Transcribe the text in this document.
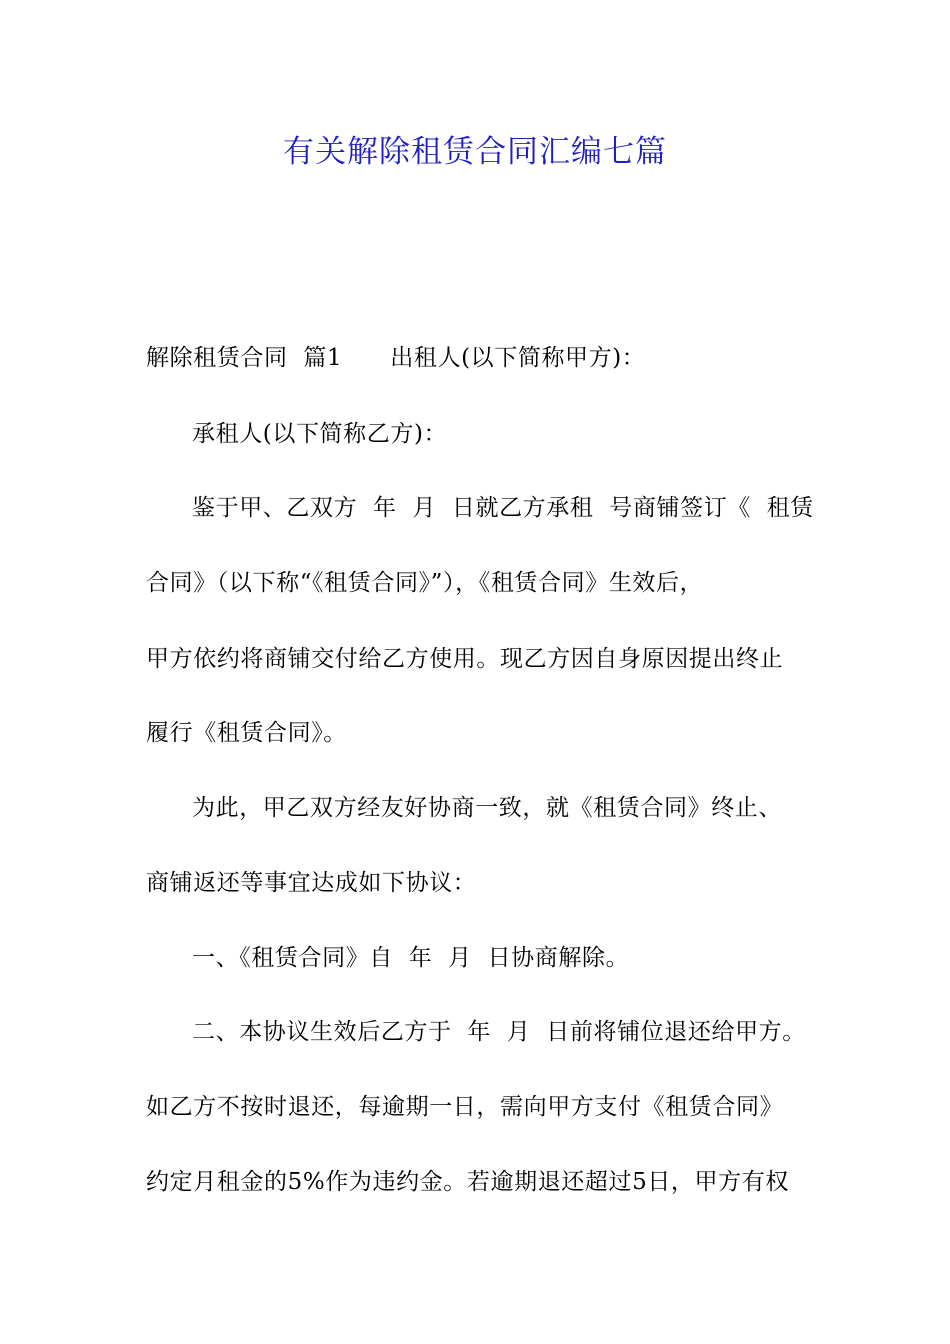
有关解除租赁合同汇编七篇
解除租赁合同  篇1 出租人(以下简称甲方)：
承租人(以下简称乙方)：
鉴于甲、乙双方  年  月  日就乙方承租  号商铺签订《  租赁
合同》（以下称“《租赁合同》”），《租赁合同》生效后，
甲方依约将商铺交付给乙方使用。现乙方因自身原因提出终止
履行《租赁合同》。
为此，甲乙双方经友好协商一致，就《租赁合同》终止、
商铺返还等事宜达成如下协议：
一、《租赁合同》自  年  月  日协商解除。
二、本协议生效后乙方于  年  月  日前将铺位退还给甲方。
如乙方不按时退还，每逾期一日，需向甲方支付《租赁合同》
约定月租金的5%作为违约金。若逾期退还超过5日，甲方有权
